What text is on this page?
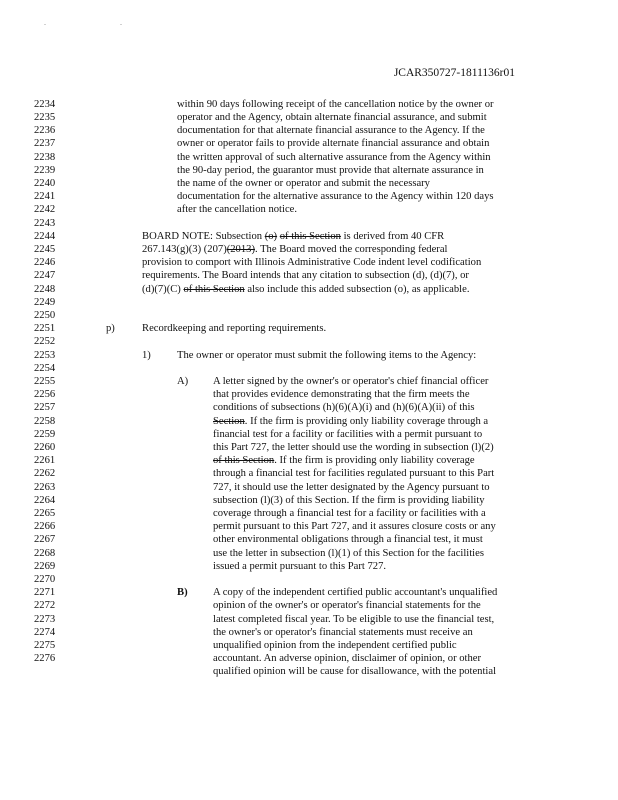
. .
JCAR350727-1811136r01
2234
2235
2236
2237
2238
2239
2240
2241
2242
2243
2244
2245
2246
2247
2248
2249
2250
2251
2252
2253
2254
2255
2256
2257
2258
2259
2260
2261
2262
2263
2264
2265
2266
2267
2268
2269
2270
2271
2272
2273
2274
2275
2276
within 90 days following receipt of the cancellation notice by the owner or
operator and the Agency, obtain alternate financial assurance, and submit
documentation for that alternate financial assurance to the Agency. If the
owner or operator fails to provide alternate financial assurance and obtain
the written approval of such alternative assurance from the Agency within
the 90-day period, the guarantor must provide that alternate assurance in
the name of the owner or operator and submit the necessary
documentation for the alternative assurance to the Agency within 120 days
after the cancellation notice.
BOARD NOTE: Subsection (o) of this Section is derived from 40 CFR
267.143(g)(3) (207)(2013). The Board moved the corresponding federal
provision to comport with Illinois Administrative Code indent level codification
requirements. The Board intends that any citation to subsection (d), (d)(7), or
(d)(7)(C) of this Section also include this added subsection (o), as applicable.
p)	Recordkeeping and reporting requirements.
1) The owner or operator must submit the following items to the Agency:
A) A letter signed by the owner's or operator's chief financial officer
that provides evidence demonstrating that the firm meets the
conditions of subsections (h)(6)(A)(i) and (h)(6)(A)(ii) of this
Section. If the firm is providing only liability coverage through a
financial test for a facility or facilities with a permit pursuant to
this Part 727, the letter should use the wording in subsection (l)(2)
of this Section. If the firm is providing only liability coverage
through a financial test for facilities regulated pursuant to this Part
727, it should use the letter designated by the Agency pursuant to
subsection (l)(3) of this Section. If the firm is providing liability
coverage through a financial test for a facility or facilities with a
permit pursuant to this Part 727, and it assures closure costs or any
other environmental obligations through a financial test, it must
use the letter in subsection (l)(1) of this Section for the facilities
issued a permit pursuant to this Part 727.
B) A copy of the independent certified public accountant's unqualified
opinion of the owner's or operator's financial statements for the
latest completed fiscal year. To be eligible to use the financial test,
the owner's or operator's financial statements must receive an
unqualified opinion from the independent certified public
accountant. An adverse opinion, disclaimer of opinion, or other
qualified opinion will be cause for disallowance, with the potential
